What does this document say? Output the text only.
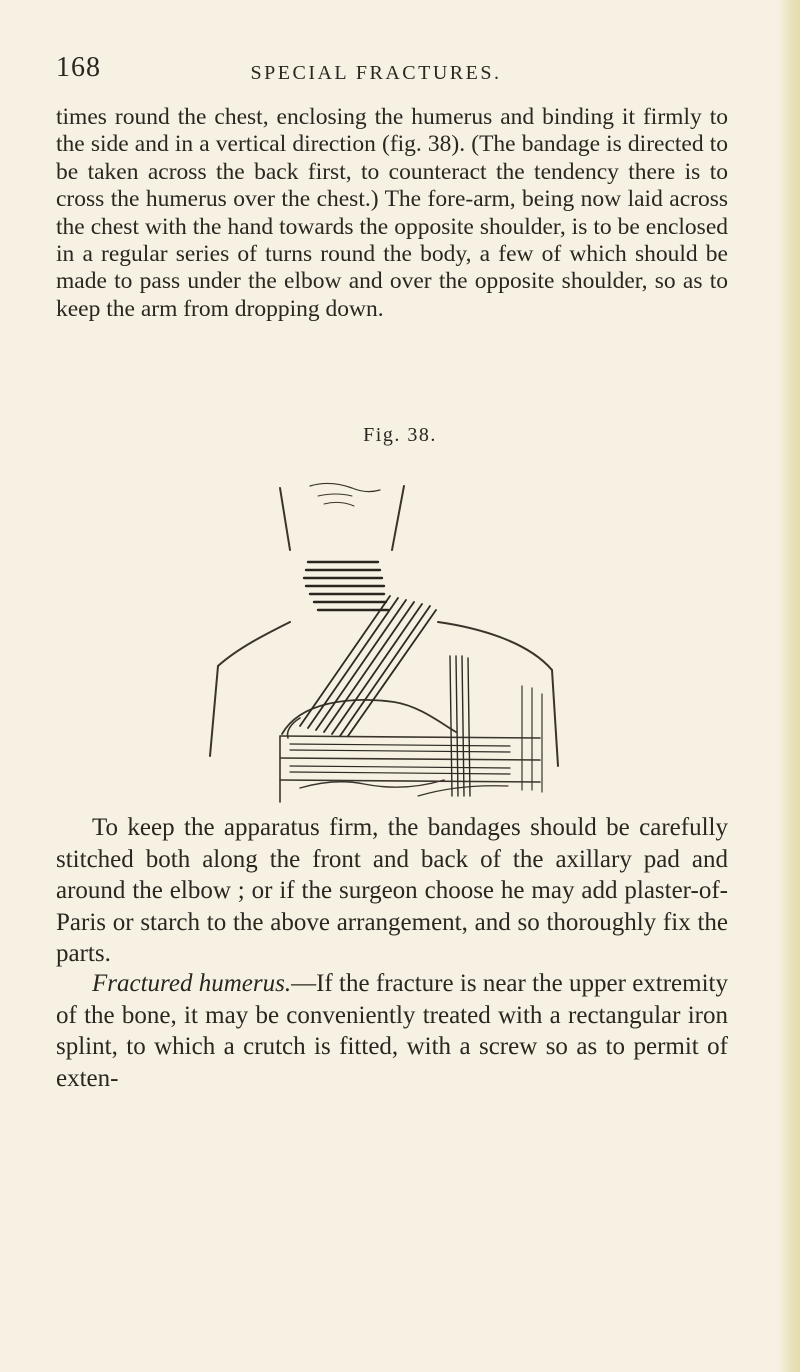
168	SPECIAL FRACTURES.

times round the chest, enclosing the humerus and binding it firmly to the side and in a vertical direction (fig. 38). (The bandage is directed to be taken across the back first, to counteract the tendency there is to cross the humerus over the chest.) The fore-arm, being now laid across the chest with the hand towards the opposite shoulder, is to be enclosed in a regular series of turns round the body, a few of which should be made to pass under the elbow and over the opposite shoulder, so as to keep the arm from dropping down.

Fig. 38.

To keep the apparatus firm, the bandages should be carefully stitched both along the front and back of the axillary pad and around the elbow ; or if the surgeon choose he may add plaster-of-Paris or starch to the above arrangement, and so thoroughly fix the parts.

Fractured humerus.—If the fracture is near the upper extremity of the bone, it may be conveniently treated with a rectangular iron splint, to which a crutch is fitted, with a screw so as to permit of exten-
